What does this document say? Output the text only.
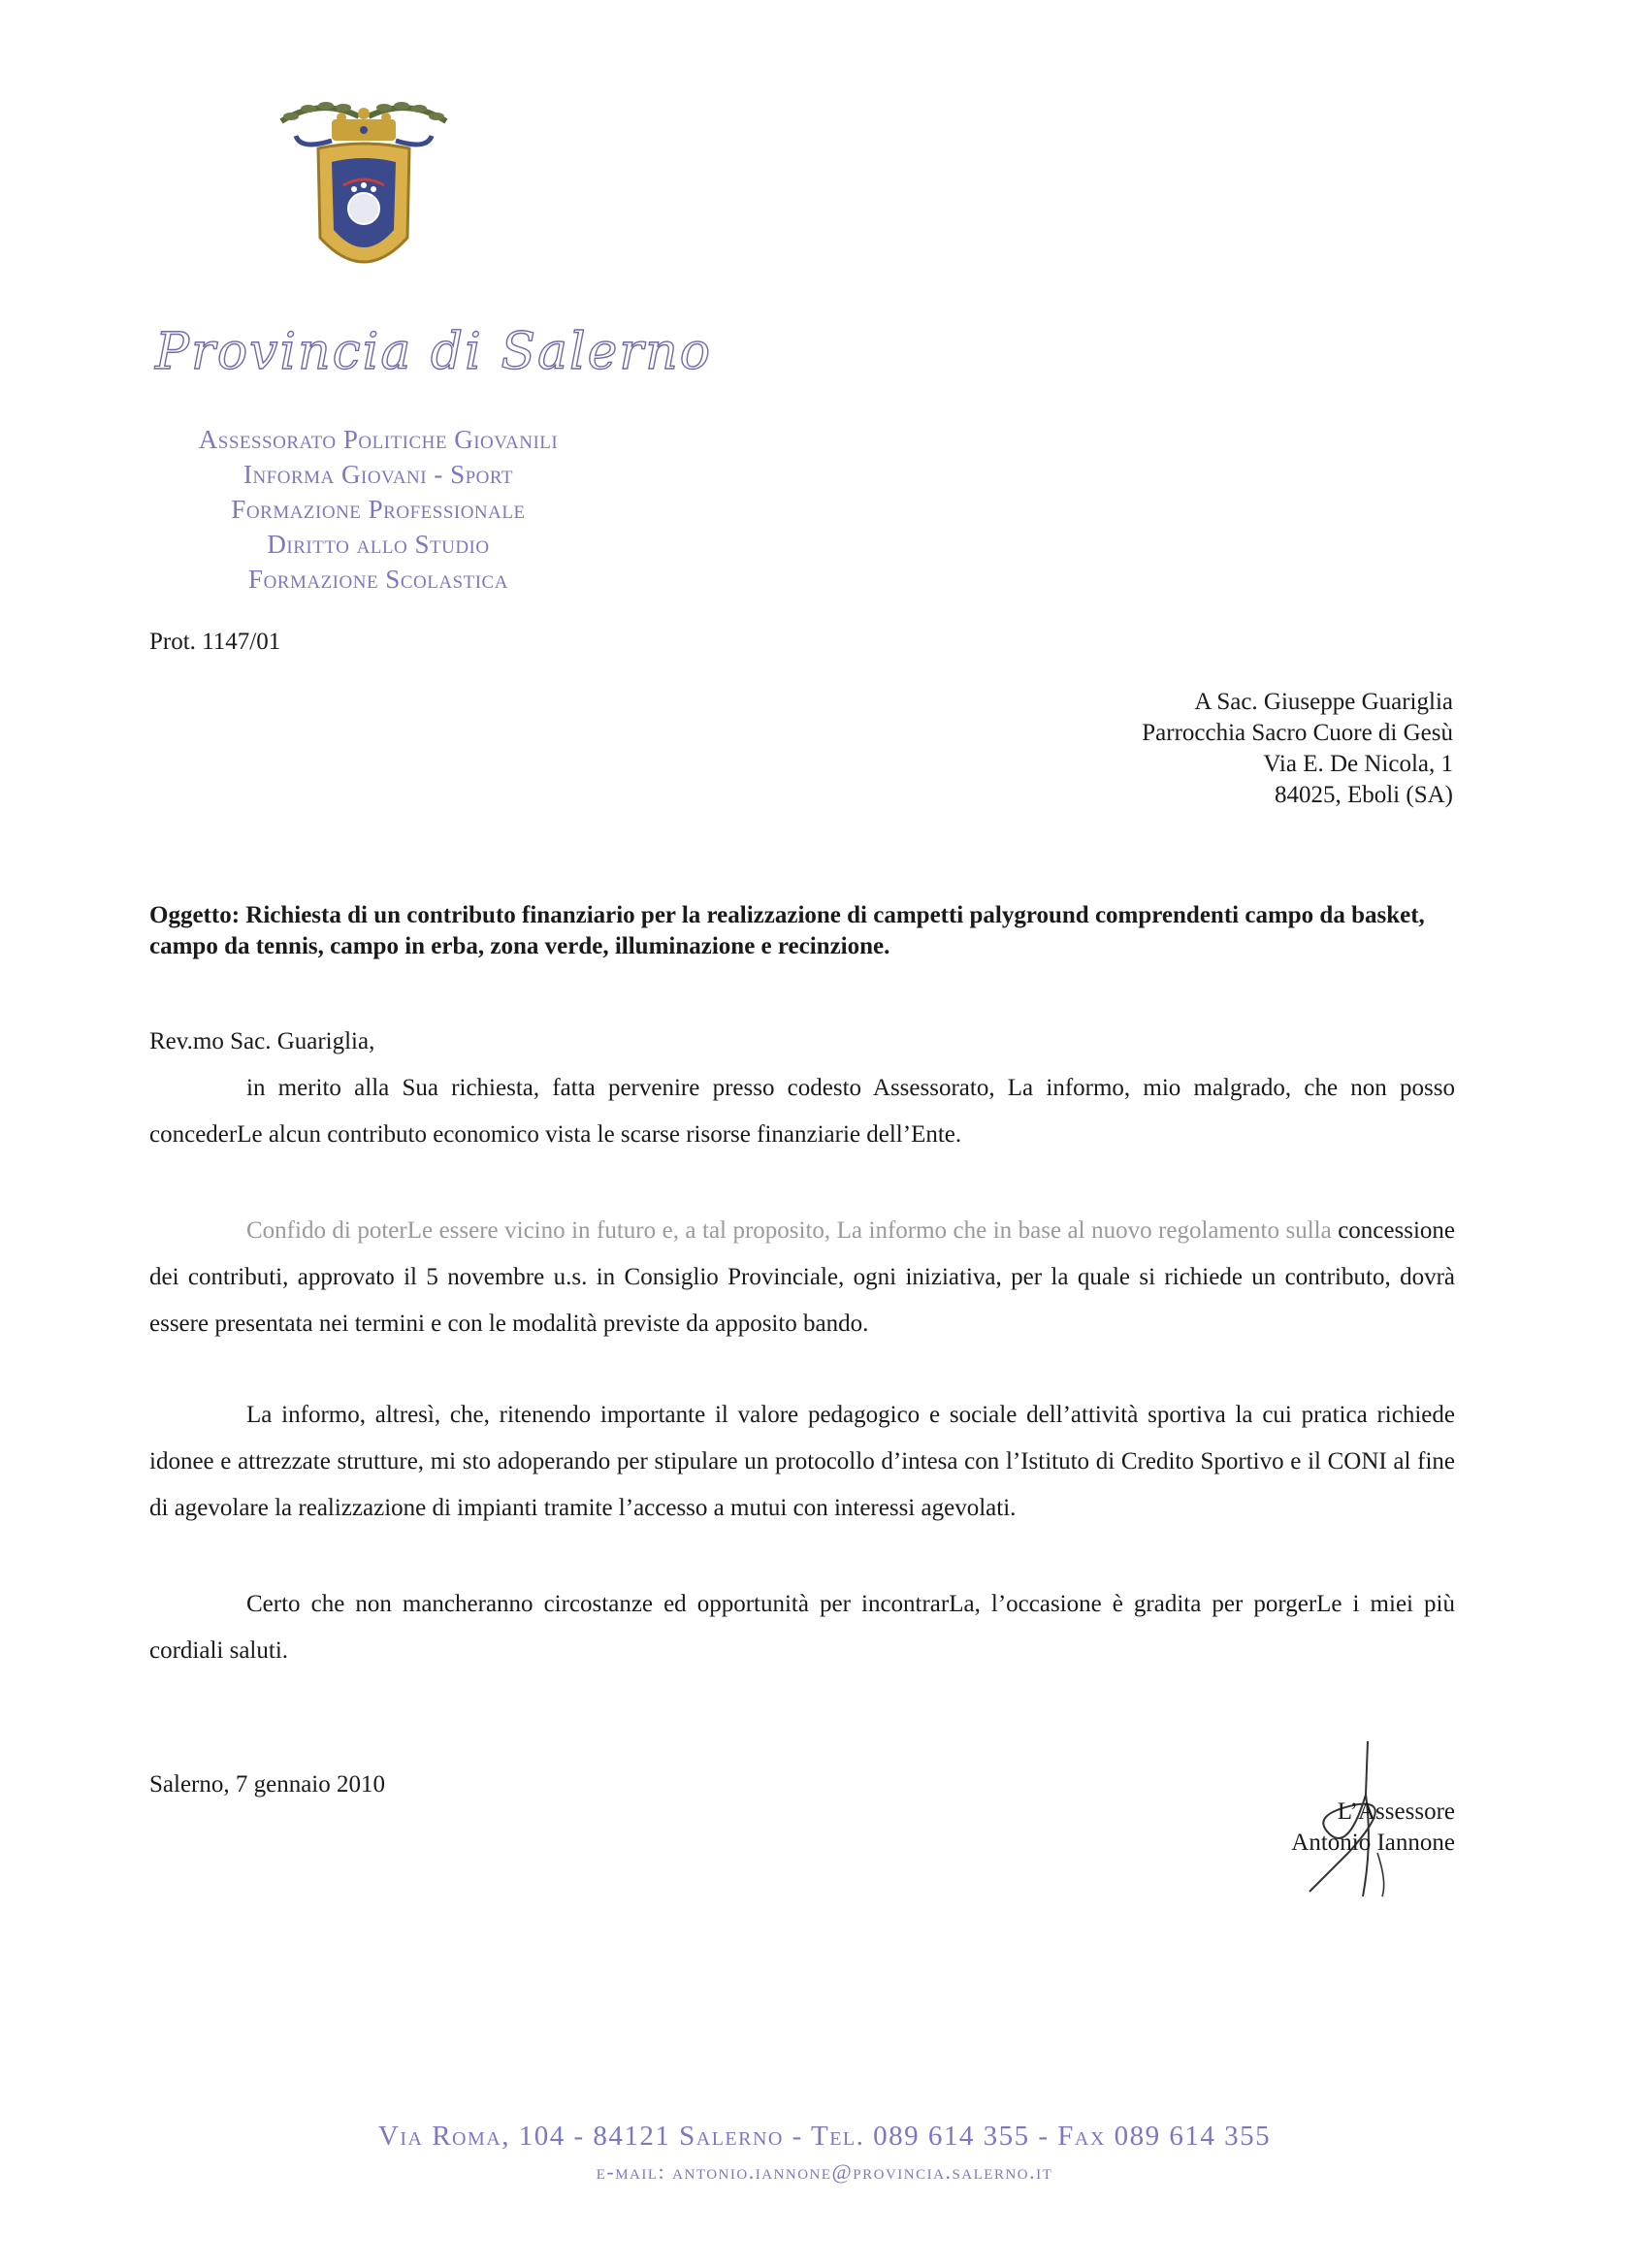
Provincia di Salerno
Assessorato Politiche Giovanili
Informa Giovani - Sport
Formazione Professionale
Diritto allo Studio
Formazione Scolastica
Prot. 1147/01
A Sac. Giuseppe Guariglia
Parrocchia Sacro Cuore di Gesù
Via E. De Nicola, 1
84025, Eboli (SA)
Oggetto: Richiesta di un contributo finanziario per la realizzazione di campetti palyground comprendenti campo da basket, campo da tennis, campo in erba, zona verde, illuminazione e recinzione.
Rev.mo Sac. Guariglia,
in merito alla Sua richiesta, fatta pervenire presso codesto Assessorato, La informo, mio malgrado, che non posso concederLe alcun contributo economico vista le scarse risorse finanziarie dell’Ente.
Confido di poterLe essere vicino in futuro e, a tal proposito, La informo che in base al nuovo regolamento sulla concessione dei contributi, approvato il 5 novembre u.s. in Consiglio Provinciale, ogni iniziativa, per la quale si richiede un contributo, dovrà essere presentata nei termini e con le modalità previste da apposito bando.
La informo, altresì, che, ritenendo importante il valore pedagogico e sociale dell’attività sportiva la cui pratica richiede idonee e attrezzate strutture, mi sto adoperando per stipulare un protocollo d’intesa con l’Istituto di Credito Sportivo e il CONI al fine di agevolare la realizzazione di impianti tramite l’accesso a mutui con interessi agevolati.
Certo che non mancheranno circostanze ed opportunità per incontrarLa, l’occasione è gradita per porgerLe i miei più cordiali saluti.
Salerno, 7 gennaio 2010
L’Assessore
Antonio Iannone
Via Roma, 104 - 84121 Salerno - Tel. 089 614 355 - Fax 089 614 355
e-mail: antonio.iannone@provincia.salerno.it
